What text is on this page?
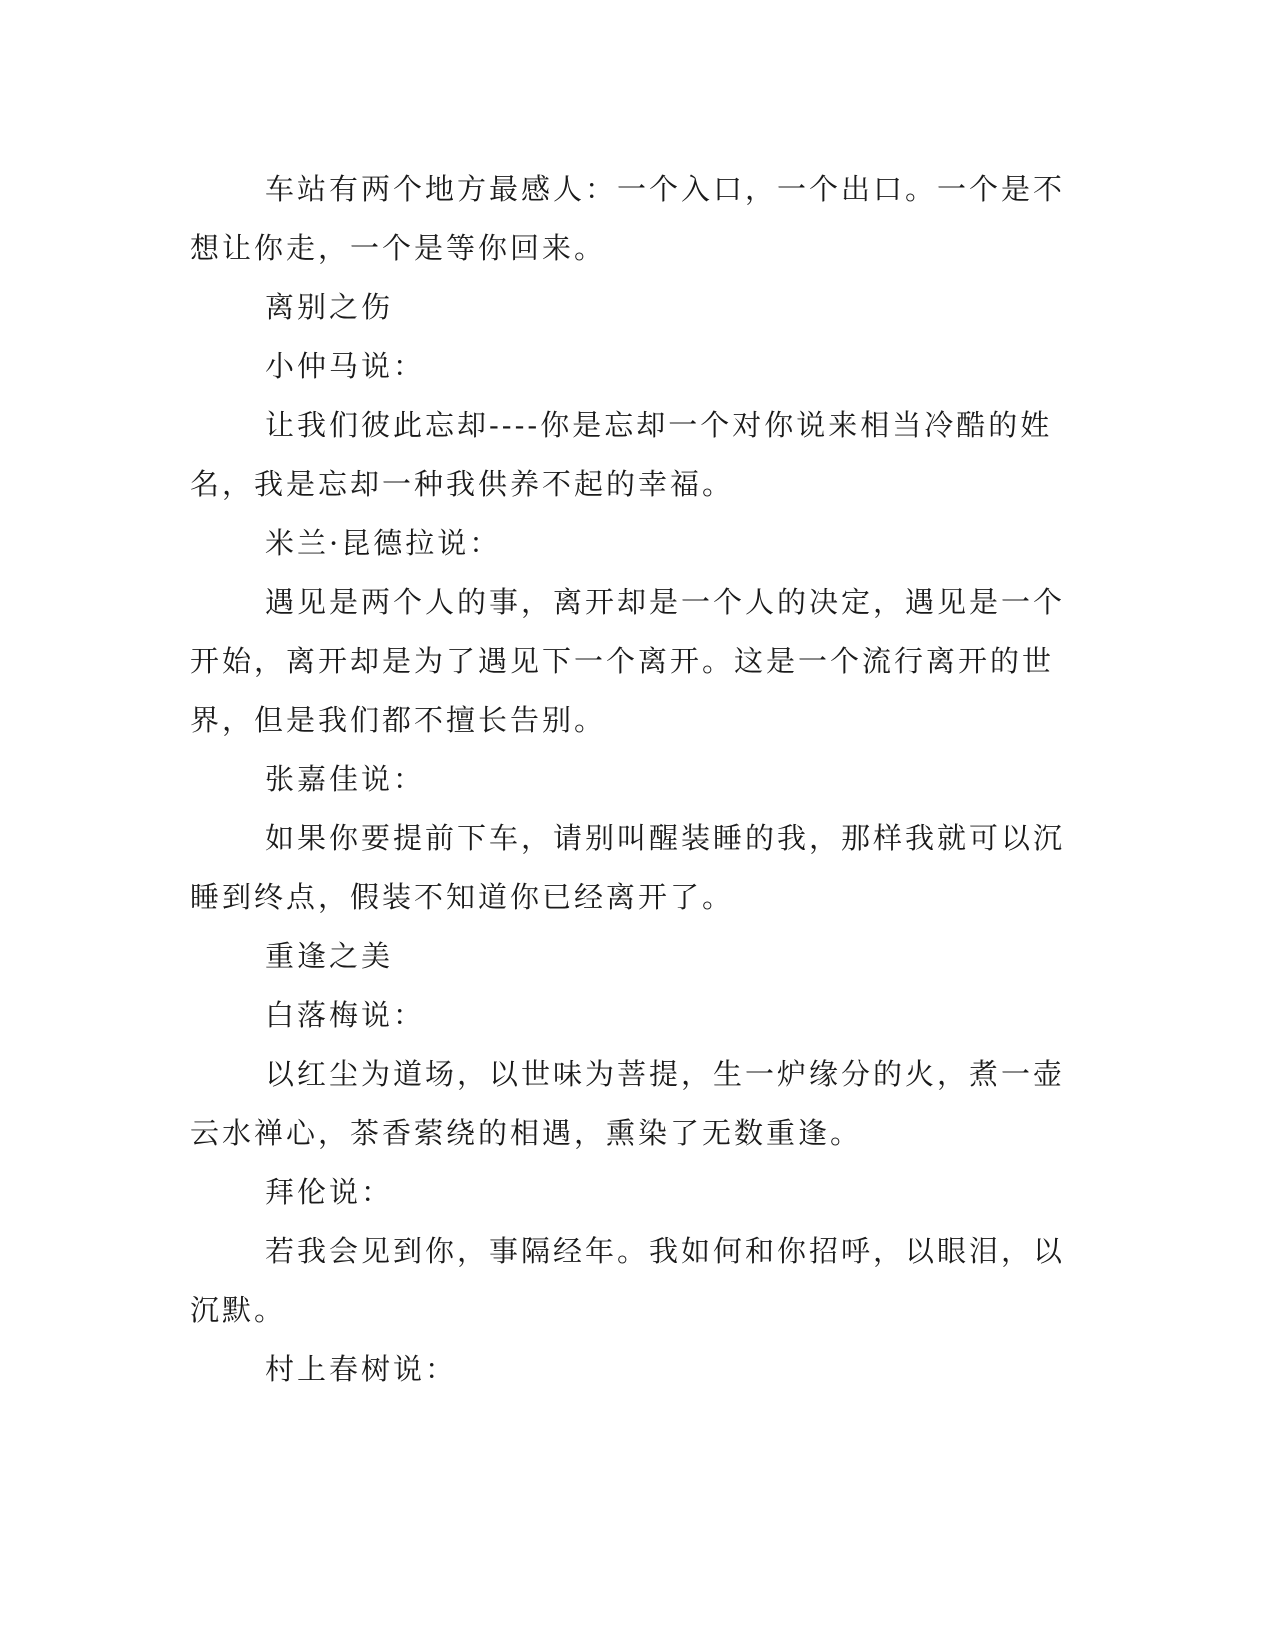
车站有两个地方最感人：一个入口，一个出口。一个是不想让你走，一个是等你回来。

离别之伤

小仲马说：

让我们彼此忘却----你是忘却一个对你说来相当冷酷的姓名，我是忘却一种我供养不起的幸福。

米兰·昆德拉说：

遇见是两个人的事，离开却是一个人的决定，遇见是一个开始，离开却是为了遇见下一个离开。这是一个流行离开的世界，但是我们都不擅长告别。

张嘉佳说：

如果你要提前下车，请别叫醒装睡的我，那样我就可以沉睡到终点，假装不知道你已经离开了。

重逢之美

白落梅说：

以红尘为道场，以世味为菩提，生一炉缘分的火，煮一壶云水禅心，茶香萦绕的相遇，熏染了无数重逢。

拜伦说：

若我会见到你，事隔经年。我如何和你招呼，以眼泪，以沉默。

村上春树说：
